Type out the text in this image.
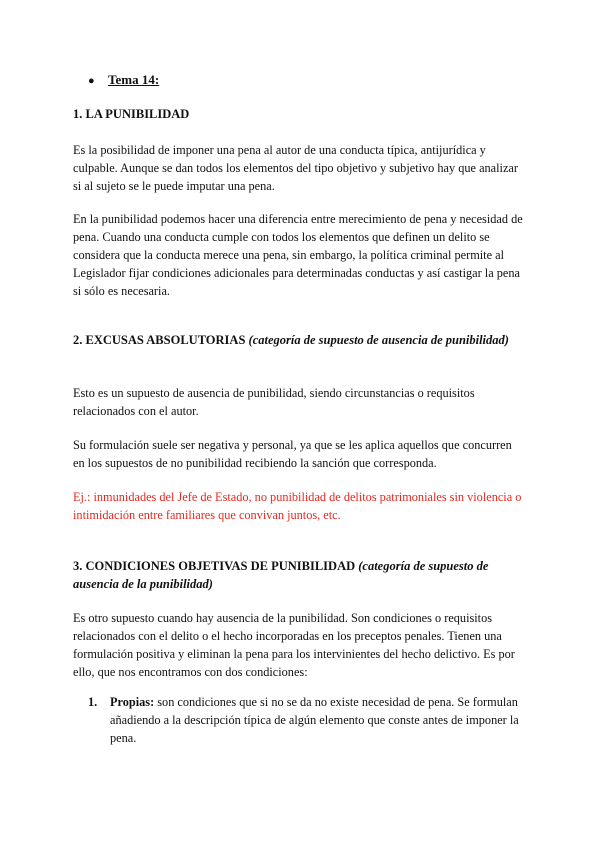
● Tema 14:
1. LA PUNIBILIDAD

Es la posibilidad de imponer una pena al autor de una conducta típica, antijurídica y culpable. Aunque se dan todos los elementos del tipo objetivo y subjetivo hay que analizar si al sujeto se le puede imputar una pena.

En la punibilidad podemos hacer una diferencia entre merecimiento de pena y necesidad de pena. Cuando una conducta cumple con todos los elementos que definen un delito se considera que la conducta merece una pena, sin embargo, la política criminal permite al Legislador fijar condiciones adicionales para determinadas conductas y así castigar la pena si sólo es necesaria.

2. EXCUSAS ABSOLUTORIAS (categoría de supuesto de ausencia de punibilidad)

Esto es un supuesto de ausencia de punibilidad, siendo circunstancias o requisitos relacionados con el autor.

Su formulación suele ser negativa y personal, ya que se les aplica aquellos que concurren en los supuestos de no punibilidad recibiendo la sanción que corresponda.

Ej.: inmunidades del Jefe de Estado, no punibilidad de delitos patrimoniales sin violencia o intimidación entre familiares que convivan juntos, etc.

3. CONDICIONES OBJETIVAS DE PUNIBILIDAD (categoría de supuesto de ausencia de la punibilidad)

Es otro supuesto cuando hay ausencia de la punibilidad. Son condiciones o requisitos relacionados con el delito o el hecho incorporadas en los preceptos penales. Tienen una formulación positiva y eliminan la pena para los intervinientes del hecho delictivo. Es por ello, que nos encontramos con dos condiciones:

1. Propias: son condiciones que si no se da no existe necesidad de pena. Se formulan añadiendo a la descripción típica de algún elemento que conste antes de imponer la pena.
